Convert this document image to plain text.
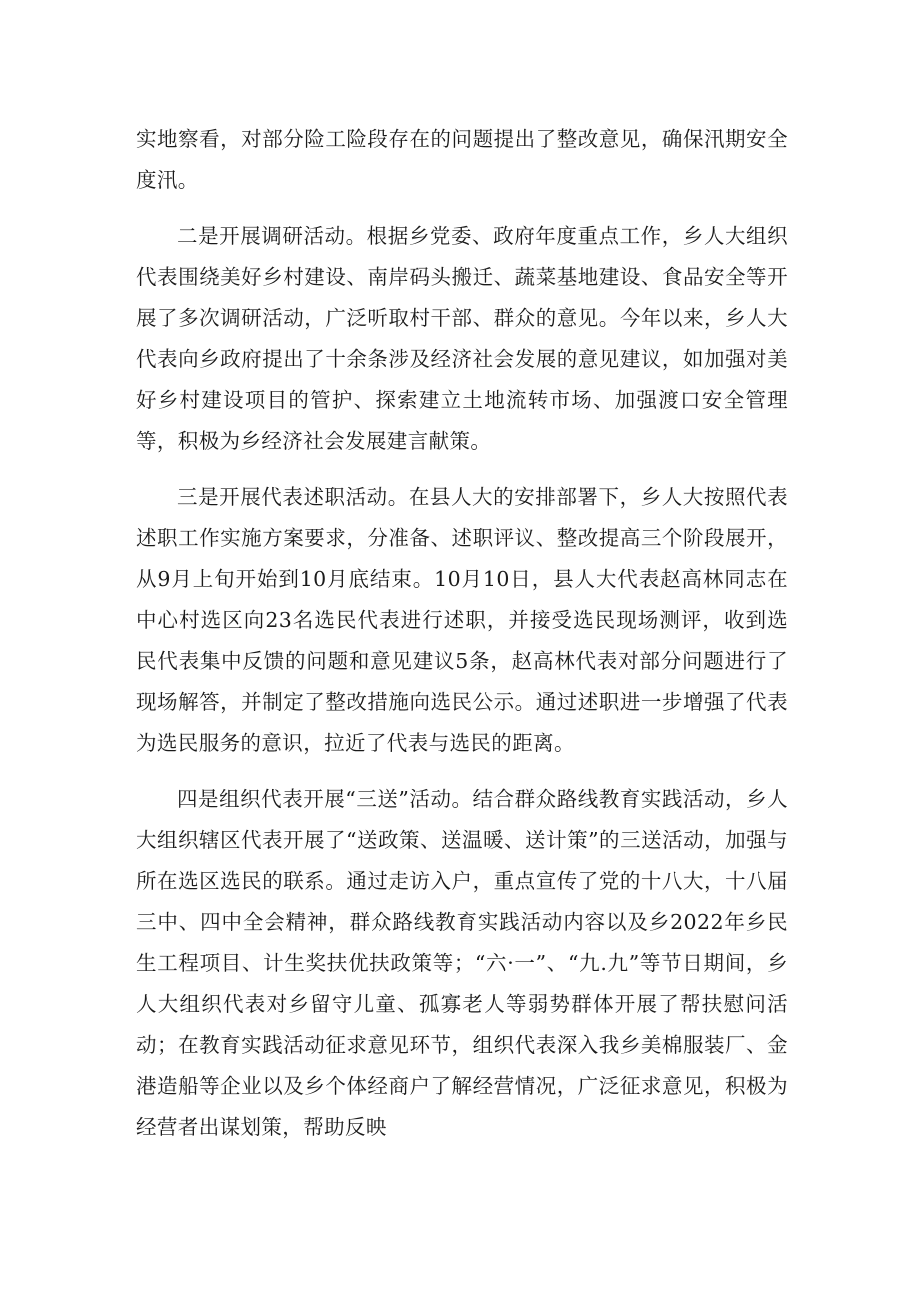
实地察看，对部分险工险段存在的问题提出了整改意见，确保汛期安全度汛。

二是开展调研活动。根据乡党委、政府年度重点工作，乡人大组织代表围绕美好乡村建设、南岸码头搬迁、蔬菜基地建设、食品安全等开展了多次调研活动，广泛听取村干部、群众的意见。今年以来，乡人大代表向乡政府提出了十余条涉及经济社会发展的意见建议，如加强对美好乡村建设项目的管护、探索建立土地流转市场、加强渡口安全管理等，积极为乡经济社会发展建言献策。

三是开展代表述职活动。在县人大的安排部署下，乡人大按照代表述职工作实施方案要求，分准备、述职评议、整改提高三个阶段展开，从9月上旬开始到10月底结束。10月10日，县人大代表赵高林同志在中心村选区向23名选民代表进行述职，并接受选民现场测评，收到选民代表集中反馈的问题和意见建议5条，赵高林代表对部分问题进行了现场解答，并制定了整改措施向选民公示。通过述职进一步增强了代表为选民服务的意识，拉近了代表与选民的距离。

四是组织代表开展“三送”活动。结合群众路线教育实践活动，乡人大组织辖区代表开展了“送政策、送温暖、送计策”的三送活动，加强与所在选区选民的联系。通过走访入户，重点宣传了党的十八大，十八届三中、四中全会精神，群众路线教育实践活动内容以及乡2022年乡民生工程项目、计生奖扶优扶政策等；“六·一”、“九.九”等节日期间，乡人大组织代表对乡留守儿童、孤寡老人等弱势群体开展了帮扶慰问活动；在教育实践活动征求意见环节，组织代表深入我乡美棉服装厂、金港造船等企业以及乡个体经商户了解经营情况，广泛征求意见，积极为经营者出谋划策，帮助反映
